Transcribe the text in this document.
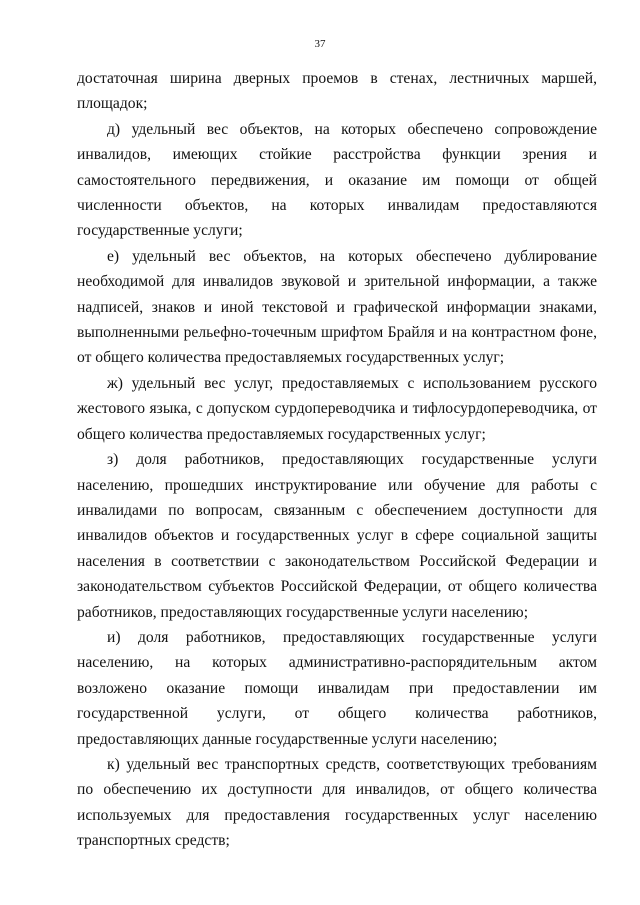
37

достаточная ширина дверных проемов в стенах, лестничных маршей, площадок;

д) удельный вес объектов, на которых обеспечено сопровождение инвалидов, имеющих стойкие расстройства функции зрения и самостоятельного передвижения, и оказание им помощи от общей численности объектов, на которых инвалидам предоставляются государственные услуги;

е) удельный вес объектов, на которых обеспечено дублирование необходимой для инвалидов звуковой и зрительной информации, а также надписей, знаков и иной текстовой и графической информации знаками, выполненными рельефно-точечным шрифтом Брайля и на контрастном фоне, от общего количества предоставляемых государственных услуг;

ж) удельный вес услуг, предоставляемых с использованием русского жестового языка, с допуском сурдопереводчика и тифлосурдопереводчика, от общего количества предоставляемых государственных услуг;

з) доля работников, предоставляющих государственные услуги населению, прошедших инструктирование или обучение для работы с инвалидами по вопросам, связанным с обеспечением доступности для инвалидов объектов и государственных услуг в сфере социальной защиты населения в соответствии с законодательством Российской Федерации и законодательством субъектов Российской Федерации, от общего количества работников, предоставляющих государственные услуги населению;

и) доля работников, предоставляющих государственные услуги населению, на которых административно-распорядительным актом возложено оказание помощи инвалидам при предоставлении им государственной услуги, от общего количества работников, предоставляющих данные государственные услуги населению;

к) удельный вес транспортных средств, соответствующих требованиям по обеспечению их доступности для инвалидов, от общего количества используемых для предоставления государственных услуг населению транспортных средств;
